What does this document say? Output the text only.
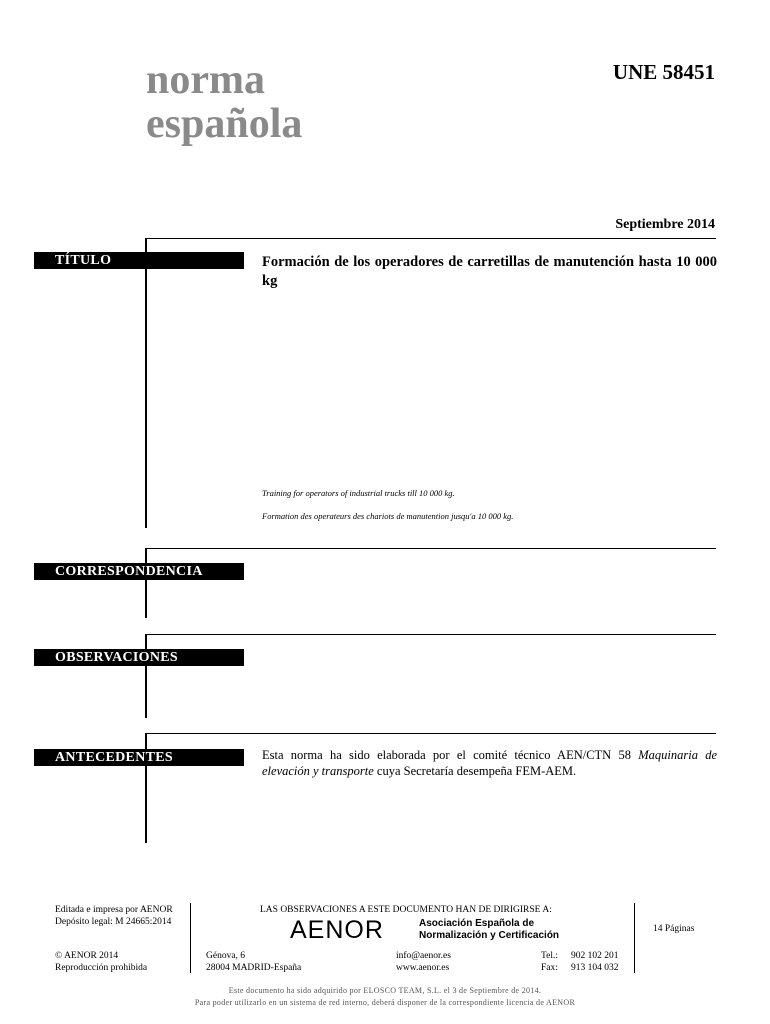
norma
española
UNE 58451
Septiembre 2014
TÍTULO	Formación de los operadores de carretillas de manutención hasta 10 000 kg
Training for operators of industrial trucks till 10 000 kg.
Formation des operateurs des chariots de manutention jusqu'a 10 000 kg.
CORRESPONDENCIA
OBSERVACIONES
ANTECEDENTES	Esta norma ha sido elaborada por el comité técnico AEN/CTN 58 Maquinaria de elevación y transporte cuya Secretaría desempeña FEM-AEM.
Editada e impresa por AENOR
Depósito legal: M 24665:2014
© AENOR 2014
Reproducción prohibida
LAS OBSERVACIONES A ESTE DOCUMENTO HAN DE DIRIGIRSE A:
AENOR	Asociación Española de
Normalización y Certificación
Génova, 6
28004 MADRID-España
info@aenor.es
www.aenor.es
Tel.: 902 102 201
Fax: 913 104 032
14 Páginas
Este documento ha sido adquirido por ELOSCO TEAM, S.L. el 3 de Septiembre de 2014.
Para poder utilizarlo en un sistema de red interno, deberá disponer de la correspondiente licencia de AENOR
